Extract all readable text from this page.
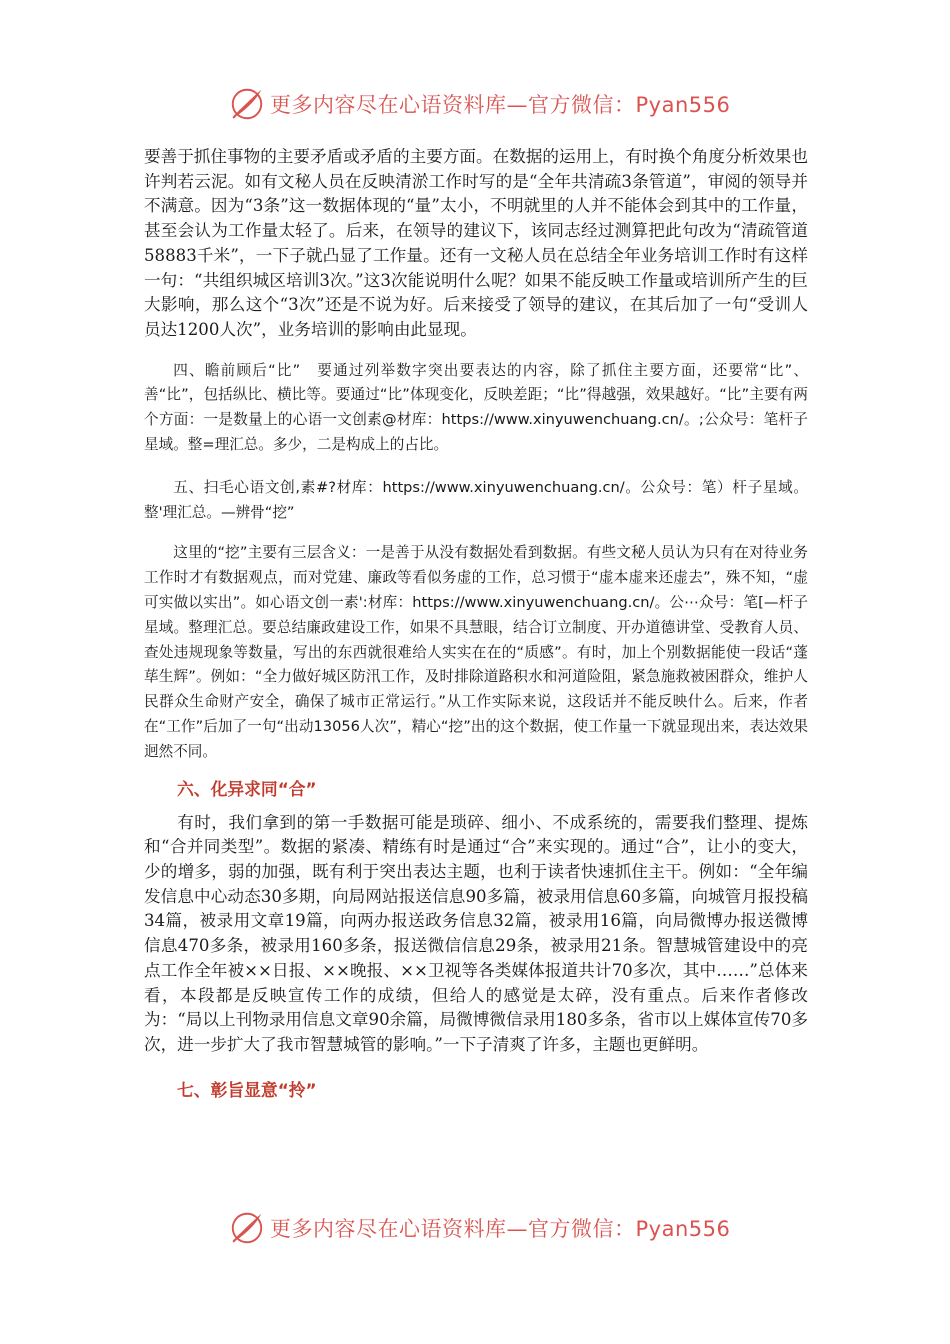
更多内容尽在心语资料库—官方微信：Pyan556

要善于抓住事物的主要矛盾或矛盾的主要方面。在数据的运用上，有时换个角度分析效果也许判若云泥。如有文秘人员在反映清淤工作时写的是“全年共清疏3条管道”，审阅的领导并不满意。因为“3条”这一数据体现的“量”太小，不明就里的人并不能体会到其中的工作量，甚至会认为工作量太轻了。后来，在领导的建议下，该同志经过测算把此句改为“清疏管道58883千米”，一下子就凸显了工作量。还有一文秘人员在总结全年业务培训工作时有这样一句：“共组织城区培训3次。”这3次能说明什么呢？如果不能反映工作量或培训所产生的巨大影响，那么这个“3次”还是不说为好。后来接受了领导的建议，在其后加了一句“受训人员达1200人次”，业务培训的影响由此显现。

四、瞻前顾后“比”　要通过列举数字突出要表达的内容，除了抓住主要方面，还要常“比”、善“比”，包括纵比、横比等。要通过“比”体现变化，反映差距；“比”得越强，效果越好。“比”主要有两个方面：一是数量上的心语一文创素@材库：https://www.xinyuwenchuang.cn/。;公众号：笔杆子星域。整=理汇总。多少，二是构成上的占比。

五、扫毛心语文创,素#?材库：https://www.xinyuwenchuang.cn/。公众号：笔）杆子星域。整'理汇总。—辨骨“挖”

这里的“挖”主要有三层含义：一是善于从没有数据处看到数据。有些文秘人员认为只有在对待业务工作时才有数据观点，而对党建、廉政等看似务虚的工作，总习惯于“虚本虚来还虚去”，殊不知，“虚可实做以实出”。如心语文创一素':材库：https://www.xinyuwenchuang.cn/。公⋯众号：笔[—杆子星域。整理汇总。要总结廉政建设工作，如果不具慧眼，结合订立制度、开办道德讲堂、受教育人员、查处违规现象等数量，写出的东西就很难给人实实在在的“质感”。有时，加上个别数据能使一段话“蓬荜生辉”。例如：“全力做好城区防汛工作，及时排除道路积水和河道险阻，紧急施救被困群众，维护人民群众生命财产安全，确保了城市正常运行。”从工作实际来说，这段话并不能反映什么。后来，作者在“工作”后加了一句“出动13056人次”，精心“挖”出的这个数据，使工作量一下就显现出来，表达效果迥然不同。

六、化异求同“合”

有时，我们拿到的第一手数据可能是琐碎、细小、不成系统的，需要我们整理、提炼和“合并同类型”。数据的紧凑、精练有时是通过“合”来实现的。通过“合”，让小的变大，少的增多，弱的加强，既有利于突出表达主题，也利于读者快速抓住主干。例如：“全年编发信息中心动态30多期，向局网站报送信息90多篇，被录用信息60多篇，向城管月报投稿34篇，被录用文章19篇，向两办报送政务信息32篇，被录用16篇，向局微博办报送微博信息470多条，被录用160多条，报送微信信息29条，被录用21条。智慧城管建设中的亮点工作全年被××日报、××晚报、××卫视等各类媒体报道共计70多次，其中……”总体来看，本段都是反映宣传工作的成绩，但给人的感觉是太碎，没有重点。后来作者修改为：“局以上刊物录用信息文章90余篇，局微博微信录用180多条，省市以上媒体宣传70多次，进一步扩大了我市智慧城管的影响。”一下子清爽了许多，主题也更鲜明。

七、彰旨显意“拎”
更多内容尽在心语资料库—官方微信：Pyan556
